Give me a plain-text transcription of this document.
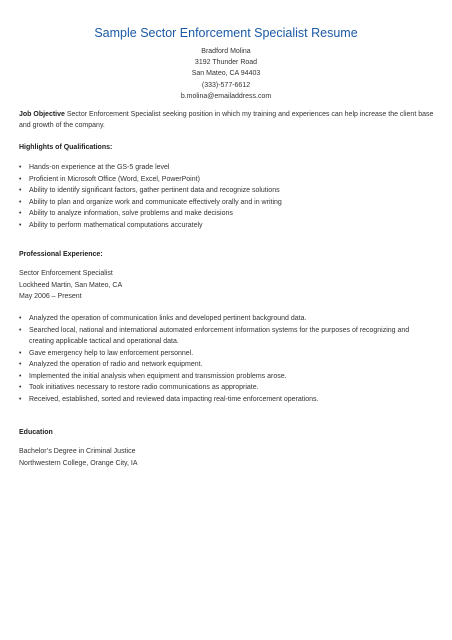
Sample Sector Enforcement Specialist Resume
Bradford Molina
3192 Thunder Road
San Mateo, CA 94403
(333)-577-6612
b.molina@emailaddress.com
Job Objective Sector Enforcement Specialist seeking position in which my training and experiences can help increase the client base and growth of the company.
Highlights of Qualifications:
• Hands-on experience at the GS-5 grade level
• Proficient in Microsoft Office (Word, Excel, PowerPoint)
• Ability to identify significant factors, gather pertinent data and recognize solutions
• Ability to plan and organize work and communicate effectively orally and in writing
• Ability to analyze information, solve problems and make decisions
• Ability to perform mathematical computations accurately
Professional Experience:
Sector Enforcement Specialist
Lockheed Martin, San Mateo, CA
May 2006 – Present
• Analyzed the operation of communication links and developed pertinent background data.
• Searched local, national and international automated enforcement information systems for the purposes of recognizing and creating applicable tactical and operational data.
• Gave emergency help to law enforcement personnel.
• Analyzed the operation of radio and network equipment.
• Implemented the initial analysis when equipment and transmission problems arose.
• Took initiatives necessary to restore radio communications as appropriate.
• Received, established, sorted and reviewed data impacting real-time enforcement operations.
Education
Bachelor’s Degree in Criminal Justice
Northwestern College, Orange City, IA
